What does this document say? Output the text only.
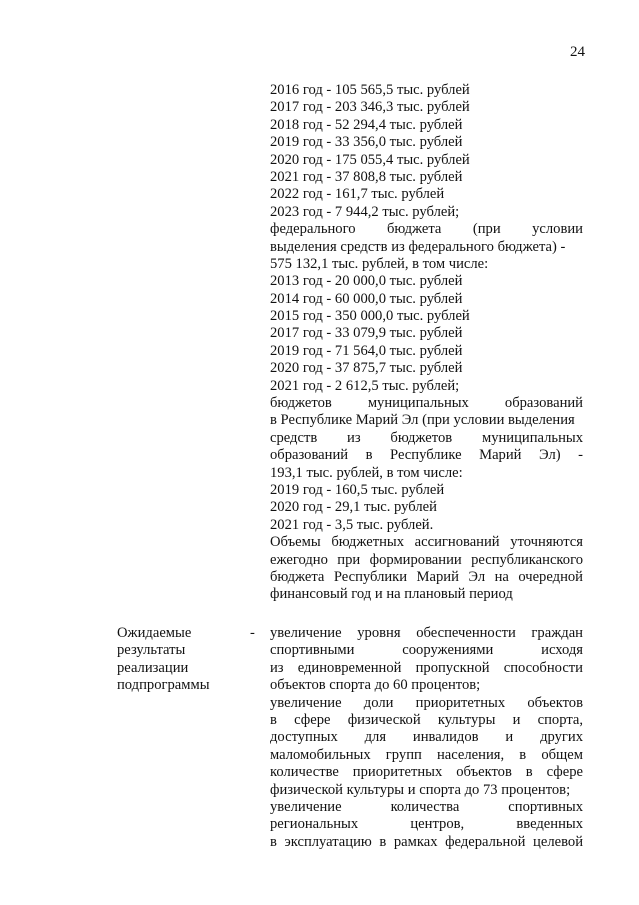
24
2016 год - 105 565,5 тыс. рублей
2017 год - 203 346,3 тыс. рублей
2018 год - 52 294,4 тыс. рублей
2019 год - 33 356,0 тыс. рублей
2020 год - 175 055,4 тыс. рублей
2021 год - 37 808,8 тыс. рублей
2022 год - 161,7 тыс. рублей
2023 год - 7 944,2 тыс. рублей;
федерального бюджета (при условии
выделения средств из федерального бюджета) -
575 132,1 тыс. рублей, в том числе:
2013 год - 20 000,0 тыс. рублей
2014 год - 60 000,0 тыс. рублей
2015 год - 350 000,0 тыс. рублей
2017 год - 33 079,9 тыс. рублей
2019 год - 71 564,0 тыс. рублей
2020 год - 37 875,7 тыс. рублей
2021 год - 2 612,5 тыс. рублей;
бюджетов муниципальных образований
в Республике Марий Эл (при условии выделения
средств из бюджетов муниципальных
образований в Республике Марий Эл) -
193,1 тыс. рублей, в том числе:
2019 год - 160,5 тыс. рублей
2020 год - 29,1 тыс. рублей
2021 год - 3,5 тыс. рублей.
Объемы бюджетных ассигнований уточняются
ежегодно при формировании республиканского
бюджета Республики Марий Эл на очередной
финансовый год и на плановый период
Ожидаемые
результаты
реализации
подпрограммы
- увеличение уровня обеспеченности граждан
спортивными сооружениями исходя
из единовременной пропускной способности
объектов спорта до 60 процентов;
увеличение доли приоритетных объектов
в сфере физической культуры и спорта,
доступных для инвалидов и других
маломобильных групп населения, в общем
количестве приоритетных объектов в сфере
физической культуры и спорта до 73 процентов;
увеличение количества спортивных
региональных центров, введенных
в эксплуатацию в рамках федеральной целевой
